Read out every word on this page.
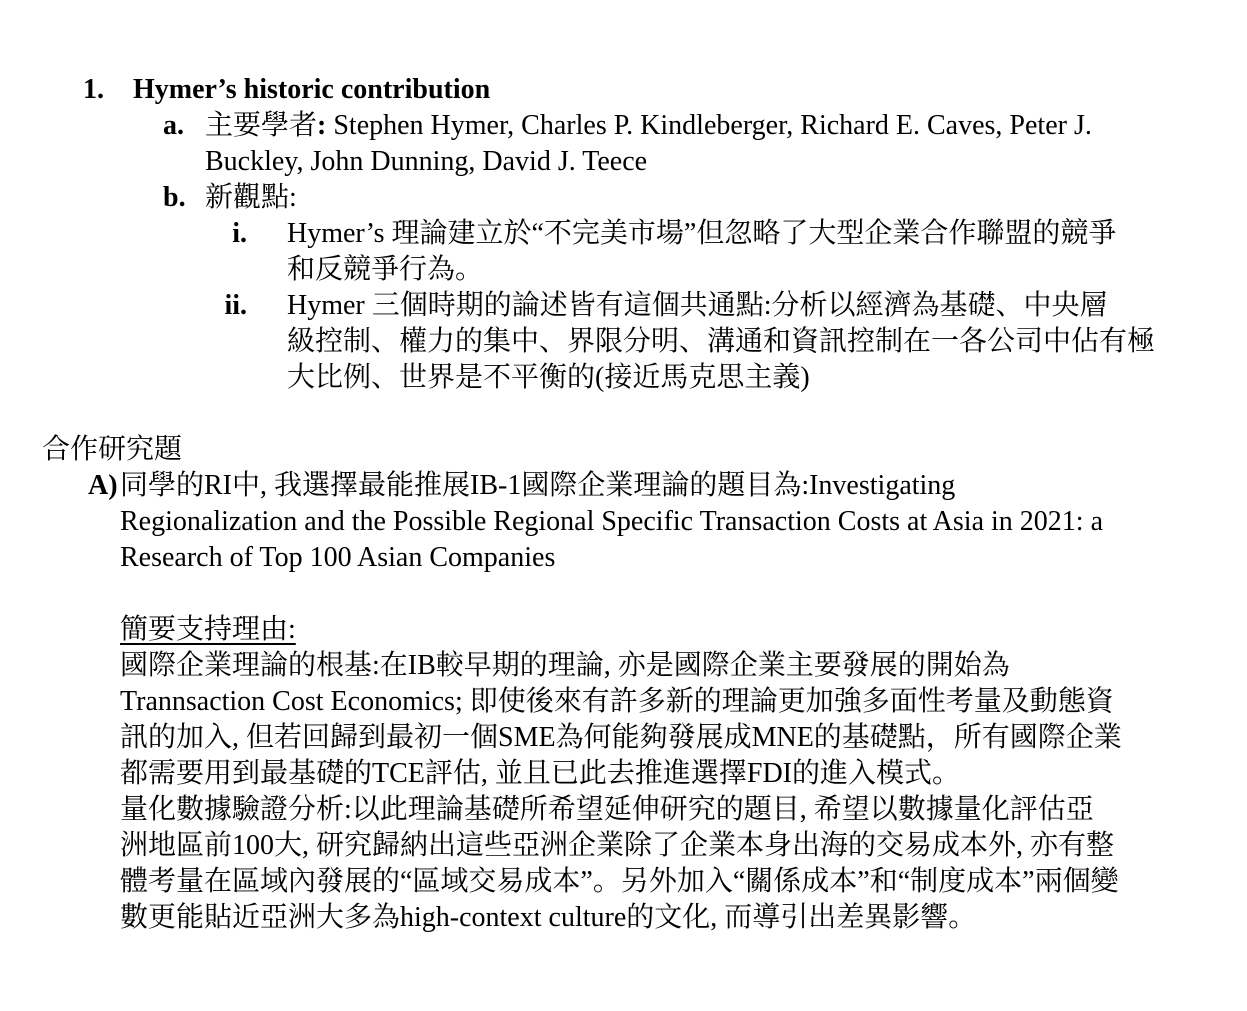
1.	Hymer’s historic contribution
a. 主要學者: Stephen Hymer, Charles P. Kindleberger, Richard E. Caves, Peter J.
Buckley, John Dunning, David J. Teece
b. 新觀點:
i. Hymer’s 理論建立於“不完美市場”但忽略了大型企業合作聯盟的競爭
和反競爭行為。
ii. Hymer 三個時期的論述皆有這個共通點:分析以經濟為基礎、中央層
級控制、權力的集中、界限分明、溝通和資訊控制在一各公司中佔有極
大比例、世界是不平衡的(接近馬克思主義)
合作研究題
A) 同學的RI中, 我選擇最能推展IB-1國際企業理論的題目為:Investigating
Regionalization and the Possible Regional Specific Transaction Costs at Asia in 2021: a
Research of Top 100 Asian Companies
簡要支持理由:
國際企業理論的根基:在IB較早期的理論, 亦是國際企業主要發展的開始為
Trannsaction Cost Economics; 即使後來有許多新的理論更加強多面性考量及動態資
訊的加入, 但若回歸到最初一個SME為何能夠發展成MNE的基礎點，所有國際企業
都需要用到最基礎的TCE評估, 並且已此去推進選擇FDI的進入模式。
量化數據驗證分析:以此理論基礎所希望延伸研究的題目, 希望以數據量化評估亞
洲地區前100大, 研究歸納出這些亞洲企業除了企業本身出海的交易成本外, 亦有整
體考量在區域內發展的“區域交易成本”。另外加入“關係成本”和“制度成本”兩個變
數更能貼近亞洲大多為high-context culture的文化, 而導引出差異影響。
